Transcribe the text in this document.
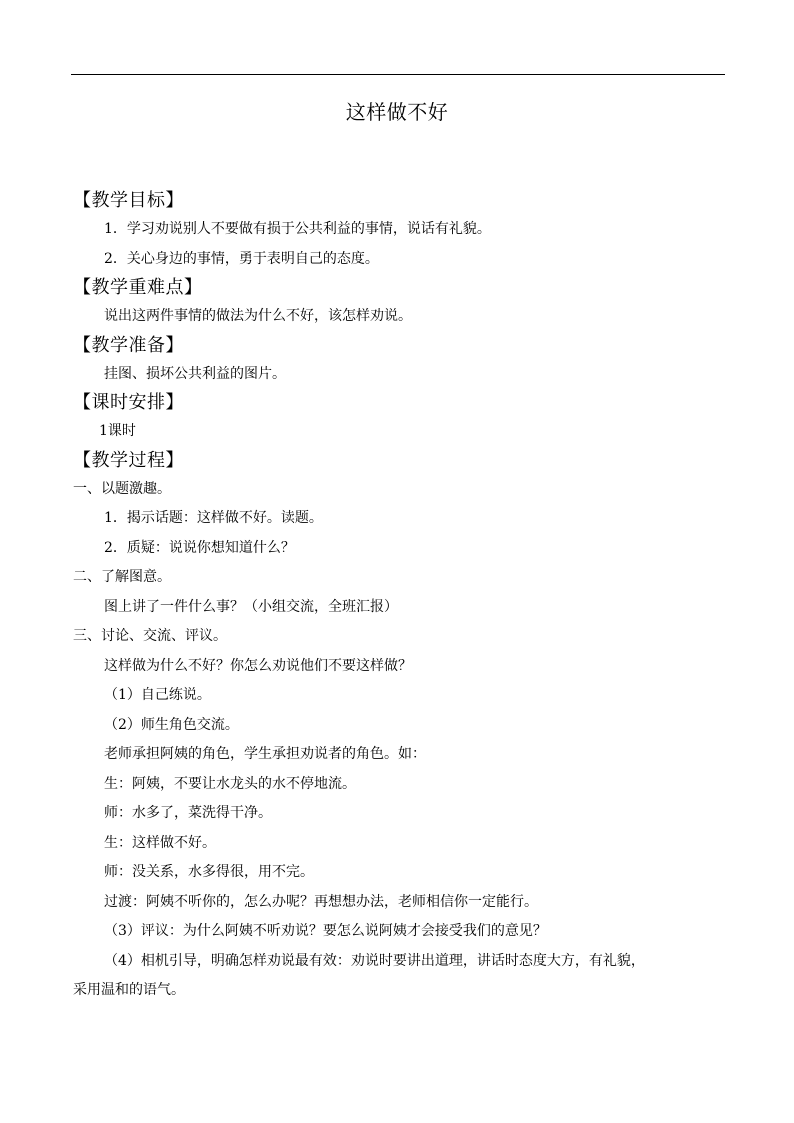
这样做不好
【教学目标】
1．学习劝说别人不要做有损于公共利益的事情，说话有礼貌。
2．关心身边的事情，勇于表明自己的态度。
【教学重难点】
说出这两件事情的做法为什么不好，该怎样劝说。
【教学准备】
挂图、损坏公共利益的图片。
【课时安排】
1课时
【教学过程】
一、以题激趣。
1．揭示话题：这样做不好。读题。
2．质疑：说说你想知道什么？
二、了解图意。
图上讲了一件什么事？（小组交流，全班汇报）
三、讨论、交流、评议。
这样做为什么不好？你怎么劝说他们不要这样做？
（1）自己练说。
（2）师生角色交流。
老师承担阿姨的角色，学生承担劝说者的角色。如：
生：阿姨，不要让水龙头的水不停地流。
师：水多了，菜洗得干净。
生：这样做不好。
师：没关系，水多得很，用不完。
过渡：阿姨不听你的，怎么办呢？再想想办法，老师相信你一定能行。
（3）评议：为什么阿姨不听劝说？要怎么说阿姨才会接受我们的意见？
（4）相机引导，明确怎样劝说最有效：劝说时要讲出道理，讲话时态度大方，有礼貌，
采用温和的语气。
